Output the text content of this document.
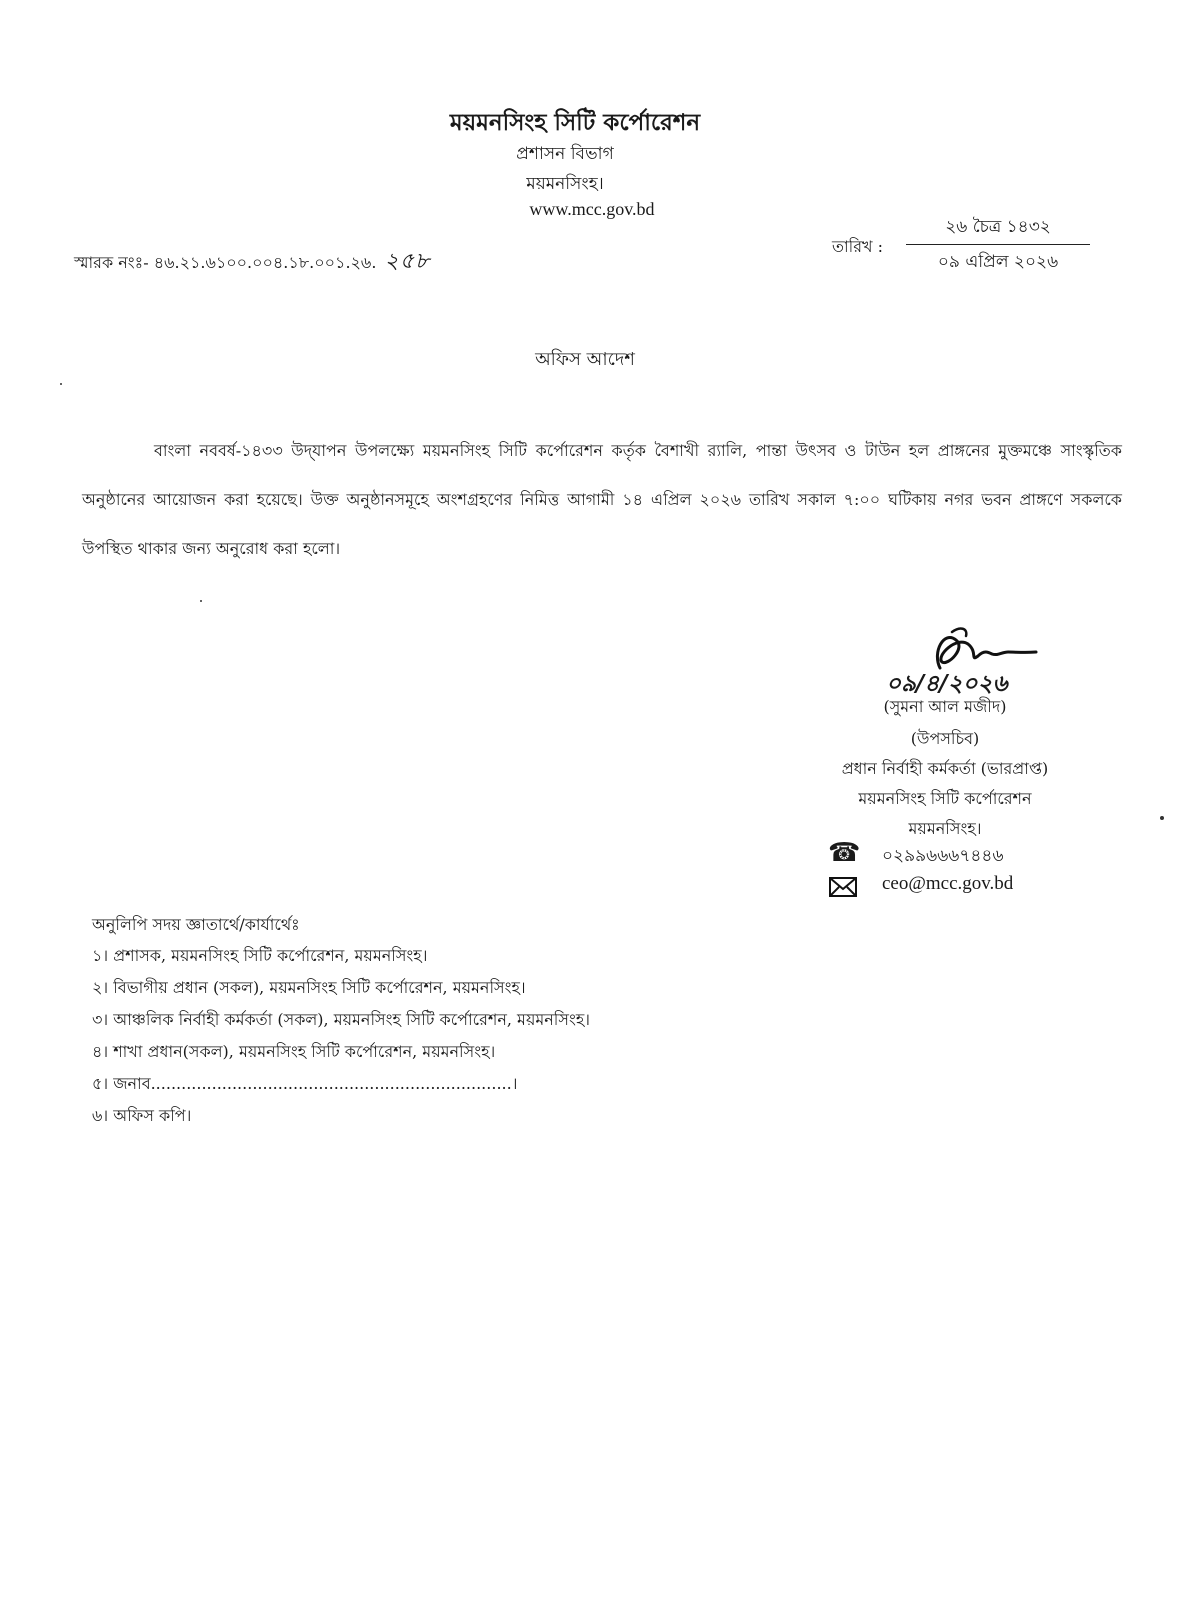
ময়মনসিংহ সিটি কর্পোরেশন
প্রশাসন বিভাগ
ময়মনসিংহ।
www.mcc.gov.bd
স্মারক নংঃ- ৪৬.২১.৬১০০.০০৪.১৮.০০১.২৬. ২৫৮
তারিখ :
২৬ চৈত্র ১৪৩২
০৯ এপ্রিল ২০২৬
অফিস আদেশ
বাংলা নববর্ষ-১৪৩৩ উদ্‌যাপন উপলক্ষ্যে ময়মনসিংহ সিটি কর্পোরেশন কর্তৃক বৈশাখী র‍্যালি, পান্তা উৎসব ও টাউন হল প্রাঙ্গনের মুক্তমঞ্চে সাংস্কৃতিক অনুষ্ঠানের আয়োজন করা হয়েছে। উক্ত অনুষ্ঠানসমূহে অংশগ্রহণের নিমিত্ত আগামী ১৪ এপ্রিল ২০২৬ তারিখ সকাল ৭:০০ ঘটিকায় নগর ভবন প্রাঙ্গণে সকলকে উপস্থিত থাকার জন্য অনুরোধ করা হলো।
০৯/৪/২০২৬
(সুমনা আল মজীদ)
(উপসচিব)
প্রধান নির্বাহী কর্মকর্তা (ভারপ্রাপ্ত)
ময়মনসিংহ সিটি কর্পোরেশন
ময়মনসিংহ।
☎ ০২৯৯৬৬৬৭৪৪৬
ceo@mcc.gov.bd
অনুলিপি সদয় জ্ঞাতার্থে/কার্যার্থেঃ
১। প্রশাসক, ময়মনসিংহ সিটি কর্পোরেশন, ময়মনসিংহ।
২। বিভাগীয় প্রধান (সকল), ময়মনসিংহ সিটি কর্পোরেশন, ময়মনসিংহ।
৩। আঞ্চলিক নির্বাহী কর্মকর্তা (সকল), ময়মনসিংহ সিটি কর্পোরেশন, ময়মনসিংহ।
৪। শাখা প্রধান(সকল), ময়মনসিংহ সিটি কর্পোরেশন, ময়মনসিংহ।
৫। জনাব.......................................................................।
৬। অফিস কপি।
